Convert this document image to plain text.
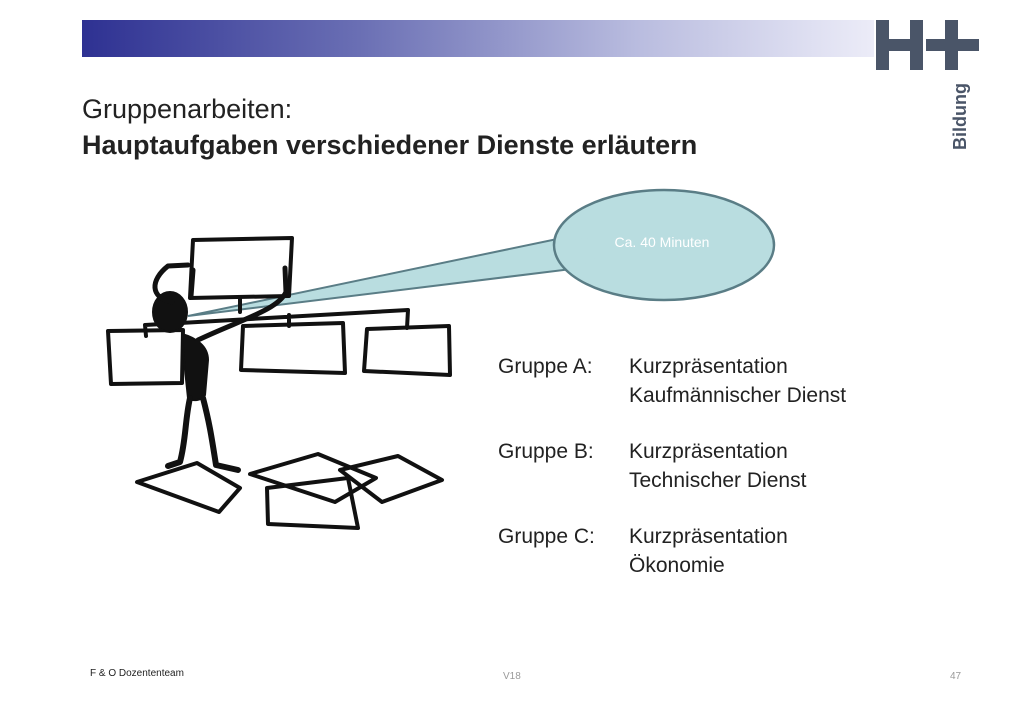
Bildung
Gruppenarbeiten:
Hauptaufgaben verschiedener Dienste erläutern
Ca. 40 Minuten
Gruppe A:	Kurzpräsentation
Kaufmännischer Dienst
Gruppe B:	Kurzpräsentation
Technischer Dienst
Gruppe C:	Kurzpräsentation
Ökonomie
F & O Dozententeam	V18	47
